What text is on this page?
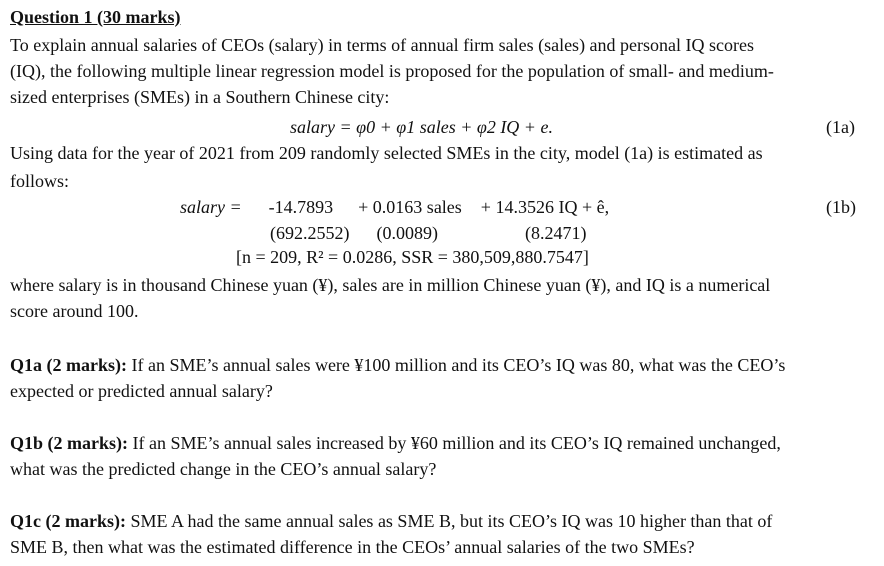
Question 1 (30 marks)
To explain annual salaries of CEOs (salary) in terms of annual firm sales (sales) and personal IQ scores
(IQ), the following multiple linear regression model is proposed for the population of small- and medium-
sized enterprises (SMEs) in a Southern Chinese city:
salary = φ0 + φ1 sales + φ2 IQ + e.	(1a)
Using data for the year of 2021 from 209 randomly selected SMEs in the city, model (1a) is estimated as
follows:
salary = -14.7893 + 0.0163 sales + 14.3526 IQ + ê,	(1b)
(692.2552) (0.0089)	(8.2471)
[n = 209, R² = 0.0286, SSR = 380,509,880.7547]
where salary is in thousand Chinese yuan (¥), sales are in million Chinese yuan (¥), and IQ is a numerical
score around 100.
Q1a (2 marks): If an SME’s annual sales were ¥100 million and its CEO’s IQ was 80, what was the CEO’s
expected or predicted annual salary?
Q1b (2 marks): If an SME’s annual sales increased by ¥60 million and its CEO’s IQ remained unchanged,
what was the predicted change in the CEO’s annual salary?
Q1c (2 marks): SME A had the same annual sales as SME B, but its CEO’s IQ was 10 higher than that of
SME B, then what was the estimated difference in the CEOs’ annual salaries of the two SMEs?
